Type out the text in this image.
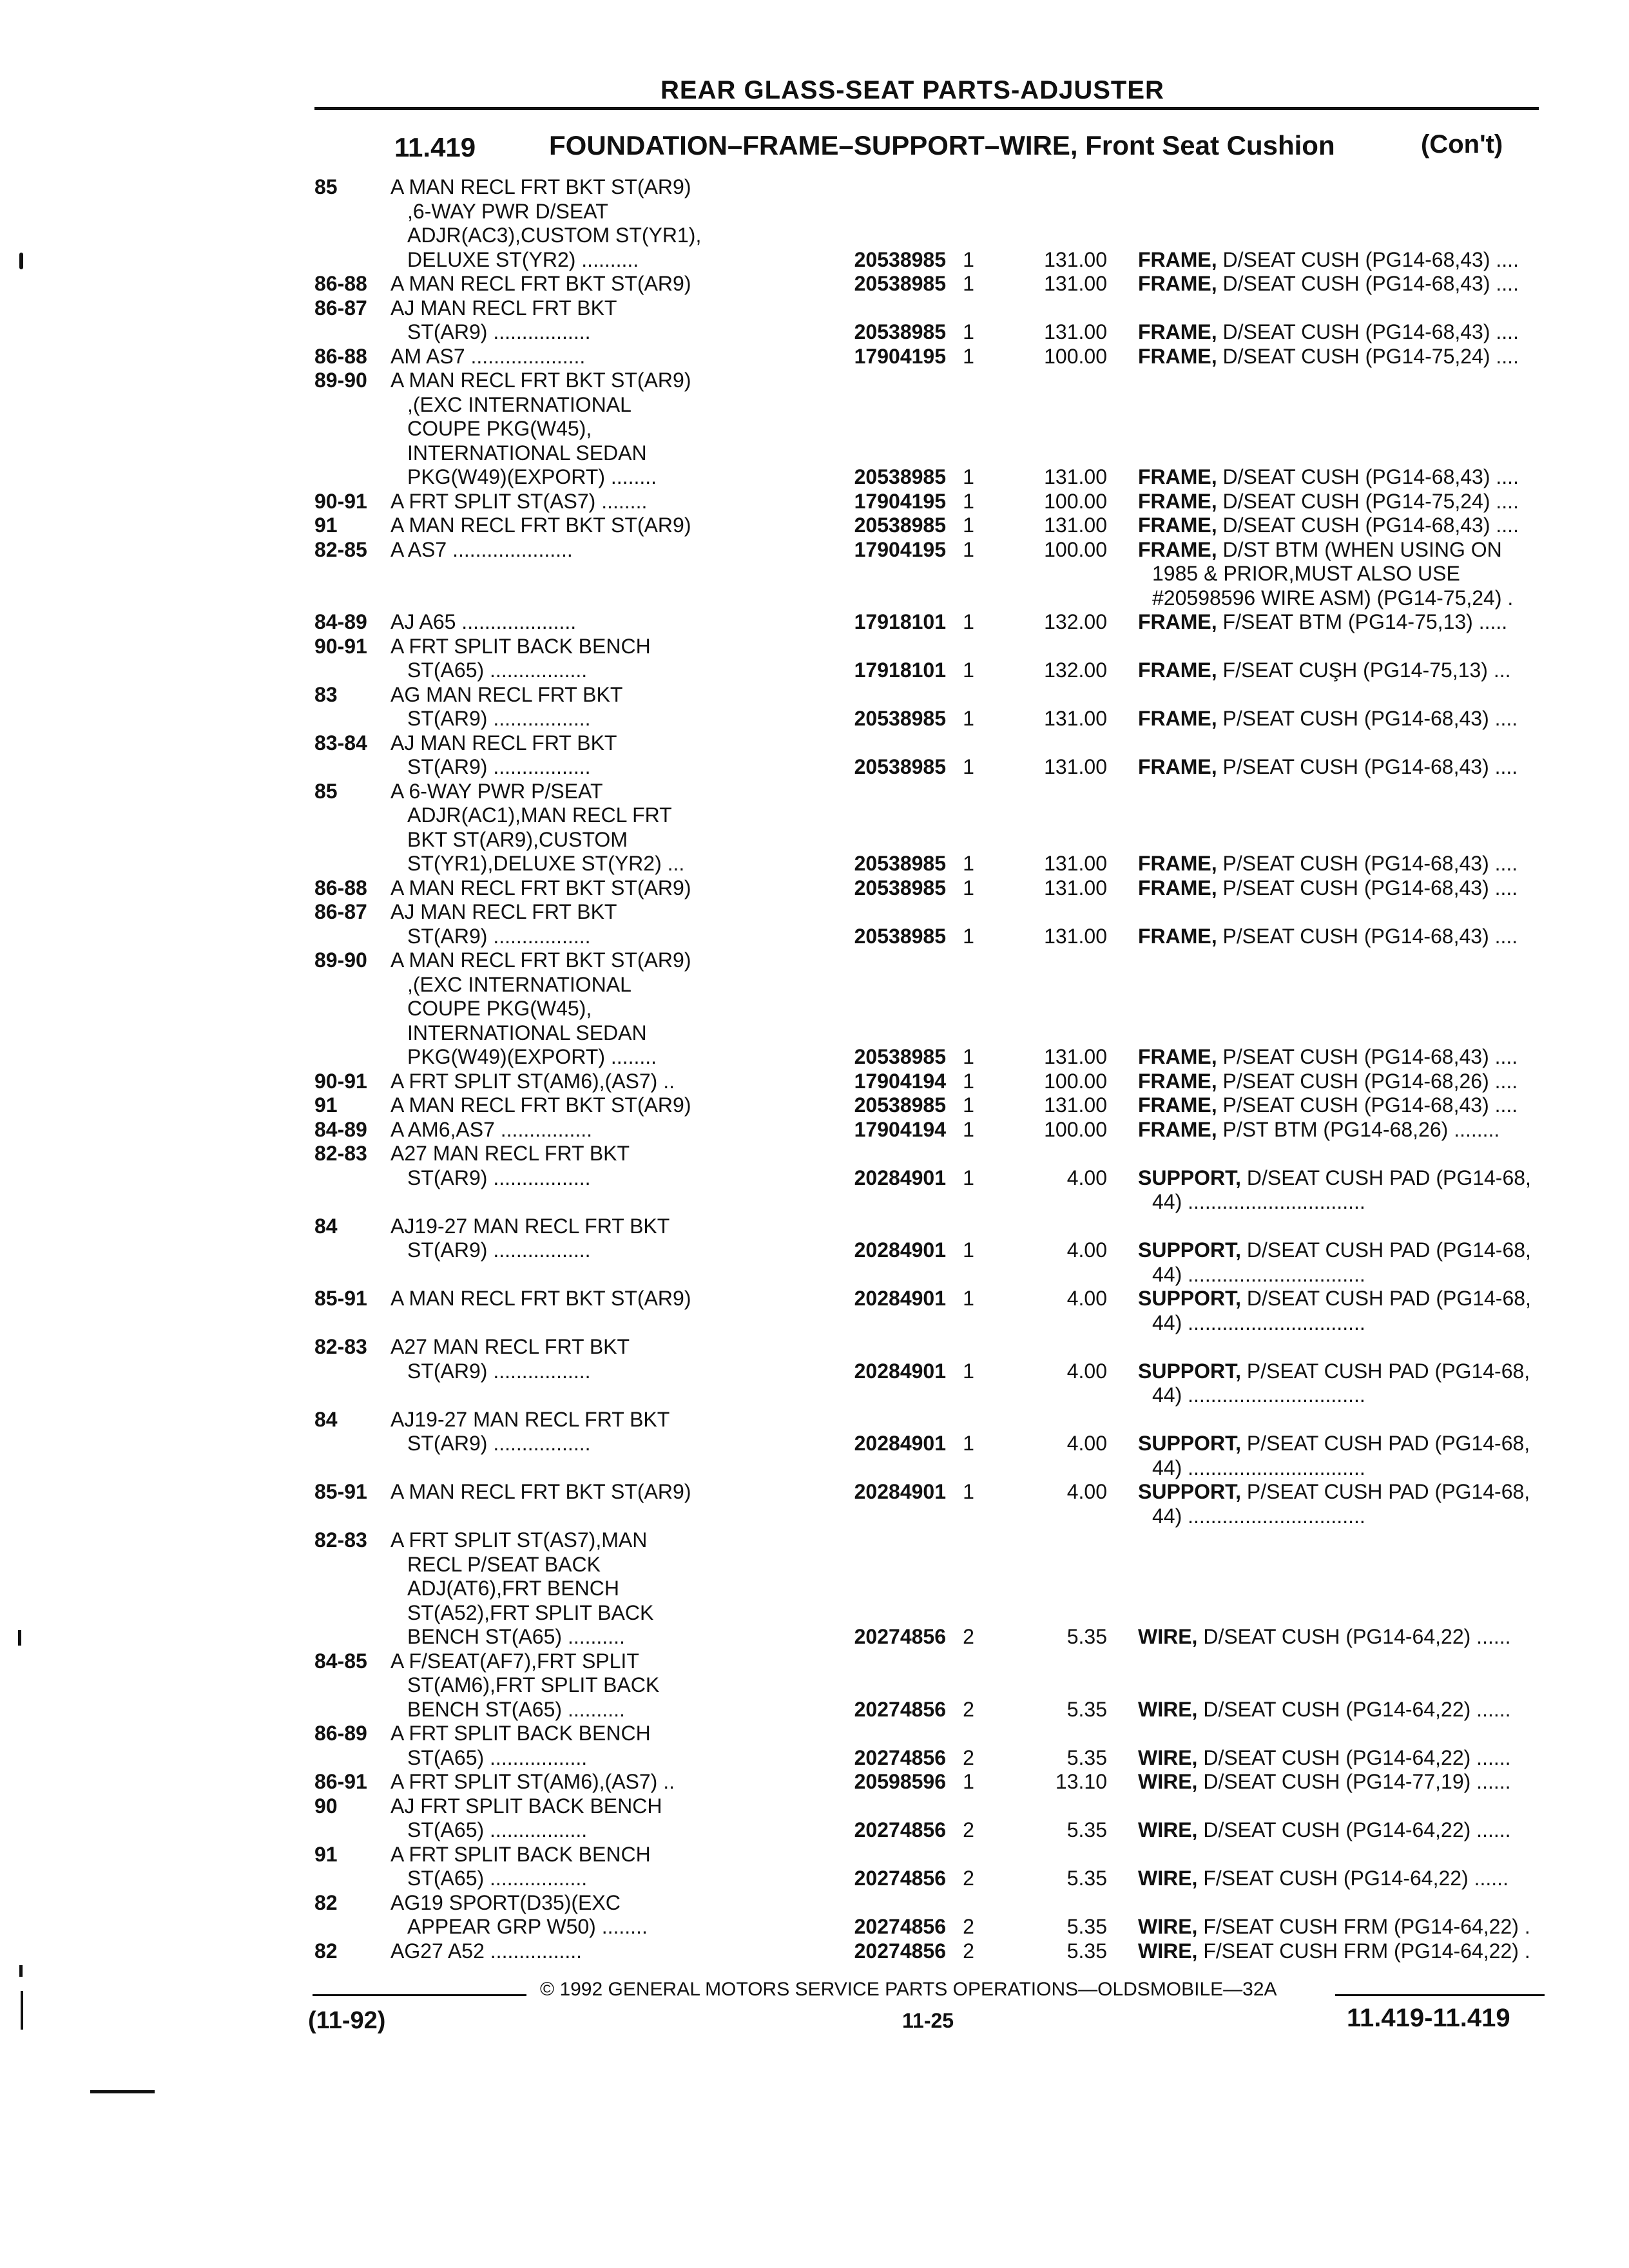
REAR GLASS-SEAT PARTS-ADJUSTER
11.419	FOUNDATION–FRAME–SUPPORT–WIRE, Front Seat Cushion	(Con't)
85	A MAN RECL FRT BKT ST(AR9)
,6-WAY PWR D/SEAT
ADJR(AC3),CUSTOM ST(YR1),
DELUXE ST(YR2) ..........	20538985 1	131.00 FRAME, D/SEAT CUSH (PG14-68,43) ....
86-88	A MAN RECL FRT BKT ST(AR9)	20538985 1	131.00 FRAME, D/SEAT CUSH (PG14-68,43) ....
86-87	AJ MAN RECL FRT BKT
ST(AR9) .................	20538985 1	131.00 FRAME, D/SEAT CUSH (PG14-68,43) ....
86-88	AM AS7 ....................	17904195 1	100.00 FRAME, D/SEAT CUSH (PG14-75,24) ....
89-90	A MAN RECL FRT BKT ST(AR9)
,(EXC INTERNATIONAL
COUPE PKG(W45),
INTERNATIONAL SEDAN
PKG(W49)(EXPORT) ........	20538985 1	131.00 FRAME, D/SEAT CUSH (PG14-68,43) ....
90-91	A FRT SPLIT ST(AS7) ........	17904195 1	100.00 FRAME, D/SEAT CUSH (PG14-75,24) ....
91	A MAN RECL FRT BKT ST(AR9)	20538985 1	131.00 FRAME, D/SEAT CUSH (PG14-68,43) ....
82-85	A AS7 .....................	17904195 1	100.00 FRAME, D/ST BTM (WHEN USING ON
1985 & PRIOR,MUST ALSO USE
#20598596 WIRE ASM) (PG14-75,24) .
84-89	AJ A65 ....................	17918101 1	132.00 FRAME, F/SEAT BTM (PG14-75,13) .....
90-91	A FRT SPLIT BACK BENCH
ST(A65) .................	17918101 1	132.00 FRAME, F/SEAT CUŞH (PG14-75,13) ...
83	AG MAN RECL FRT BKT
ST(AR9) .................	20538985 1	131.00 FRAME, P/SEAT CUSH (PG14-68,43) ....
83-84	AJ MAN RECL FRT BKT
ST(AR9) .................	20538985 1	131.00 FRAME, P/SEAT CUSH (PG14-68,43) ....
85	A 6-WAY PWR P/SEAT
ADJR(AC1),MAN RECL FRT
BKT ST(AR9),CUSTOM
ST(YR1),DELUXE ST(YR2) ...	20538985 1	131.00 FRAME, P/SEAT CUSH (PG14-68,43) ....
86-88	A MAN RECL FRT BKT ST(AR9)	20538985 1	131.00 FRAME, P/SEAT CUSH (PG14-68,43) ....
86-87	AJ MAN RECL FRT BKT
ST(AR9) .................	20538985 1	131.00 FRAME, P/SEAT CUSH (PG14-68,43) ....
89-90	A MAN RECL FRT BKT ST(AR9)
,(EXC INTERNATIONAL
COUPE PKG(W45),
INTERNATIONAL SEDAN
PKG(W49)(EXPORT) ........	20538985 1	131.00 FRAME, P/SEAT CUSH (PG14-68,43) ....
90-91	A FRT SPLIT ST(AM6),(AS7) ..	17904194 1	100.00 FRAME, P/SEAT CUSH (PG14-68,26) ....
91	A MAN RECL FRT BKT ST(AR9)	20538985 1	131.00 FRAME, P/SEAT CUSH (PG14-68,43) ....
84-89	A AM6,AS7 ................	17904194 1	100.00 FRAME, P/ST BTM (PG14-68,26) ........
82-83	A27 MAN RECL FRT BKT
ST(AR9) .................	20284901 1	4.00 SUPPORT, D/SEAT CUSH PAD (PG14-68,
44) ...............................
84	AJ19-27 MAN RECL FRT BKT
ST(AR9) .................	20284901 1	4.00 SUPPORT, D/SEAT CUSH PAD (PG14-68,
44) ...............................
85-91	A MAN RECL FRT BKT ST(AR9)	20284901 1	4.00 SUPPORT, D/SEAT CUSH PAD (PG14-68,
44) ...............................
82-83	A27 MAN RECL FRT BKT
ST(AR9) .................	20284901 1	4.00 SUPPORT, P/SEAT CUSH PAD (PG14-68,
44) ...............................
84	AJ19-27 MAN RECL FRT BKT
ST(AR9) .................	20284901 1	4.00 SUPPORT, P/SEAT CUSH PAD (PG14-68,
44) ...............................
85-91	A MAN RECL FRT BKT ST(AR9)	20284901 1	4.00 SUPPORT, P/SEAT CUSH PAD (PG14-68,
44) ...............................
82-83	A FRT SPLIT ST(AS7),MAN
RECL P/SEAT BACK
ADJ(AT6),FRT BENCH
ST(A52),FRT SPLIT BACK
BENCH ST(A65) ..........	20274856 2	5.35 WIRE, D/SEAT CUSH (PG14-64,22) ......
84-85	A F/SEAT(AF7),FRT SPLIT
ST(AM6),FRT SPLIT BACK
BENCH ST(A65) ..........	20274856 2	5.35 WIRE, D/SEAT CUSH (PG14-64,22) ......
86-89	A FRT SPLIT BACK BENCH
ST(A65) .................	20274856 2	5.35 WIRE, D/SEAT CUSH (PG14-64,22) ......
86-91	A FRT SPLIT ST(AM6),(AS7) ..	20598596 1	13.10 WIRE, D/SEAT CUSH (PG14-77,19) ......
90	AJ FRT SPLIT BACK BENCH
ST(A65) .................	20274856 2	5.35 WIRE, D/SEAT CUSH (PG14-64,22) ......
91	A FRT SPLIT BACK BENCH
ST(A65) .................	20274856 2	5.35 WIRE, F/SEAT CUSH (PG14-64,22) ......
82	AG19 SPORT(D35)(EXC
APPEAR GRP W50) ........	20274856 2	5.35 WIRE, F/SEAT CUSH FRM (PG14-64,22) .
82	AG27 A52 ................	20274856 2	5.35 WIRE, F/SEAT CUSH FRM (PG14-64,22) .
© 1992 GENERAL MOTORS SERVICE PARTS OPERATIONS—OLDSMOBILE—32A
(11-92)	11-25	11.419-11.419
